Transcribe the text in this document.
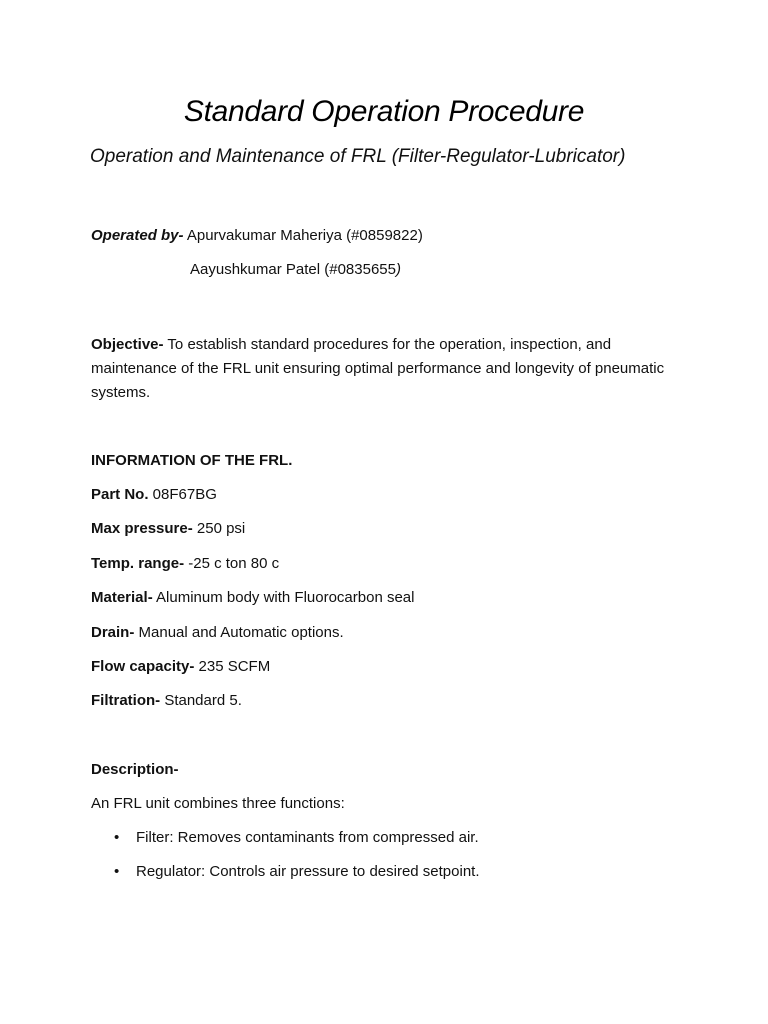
Standard Operation Procedure
Operation and Maintenance of FRL (Filter-Regulator-Lubricator)
Operated by- Apurvakumar Maheriya (#0859822)
Aayushkumar Patel (#0835655)
Objective- To establish standard procedures for the operation, inspection, and maintenance of the FRL unit ensuring optimal performance and longevity of pneumatic systems.
INFORMATION OF THE FRL.
Part No. 08F67BG
Max pressure- 250 psi
Temp. range- -25 c ton 80 c
Material- Aluminum body with Fluorocarbon seal
Drain- Manual and Automatic options.
Flow capacity- 235 SCFM
Filtration- Standard 5.
Description-
An FRL unit combines three functions:
• Filter: Removes contaminants from compressed air.
• Regulator: Controls air pressure to desired setpoint.
